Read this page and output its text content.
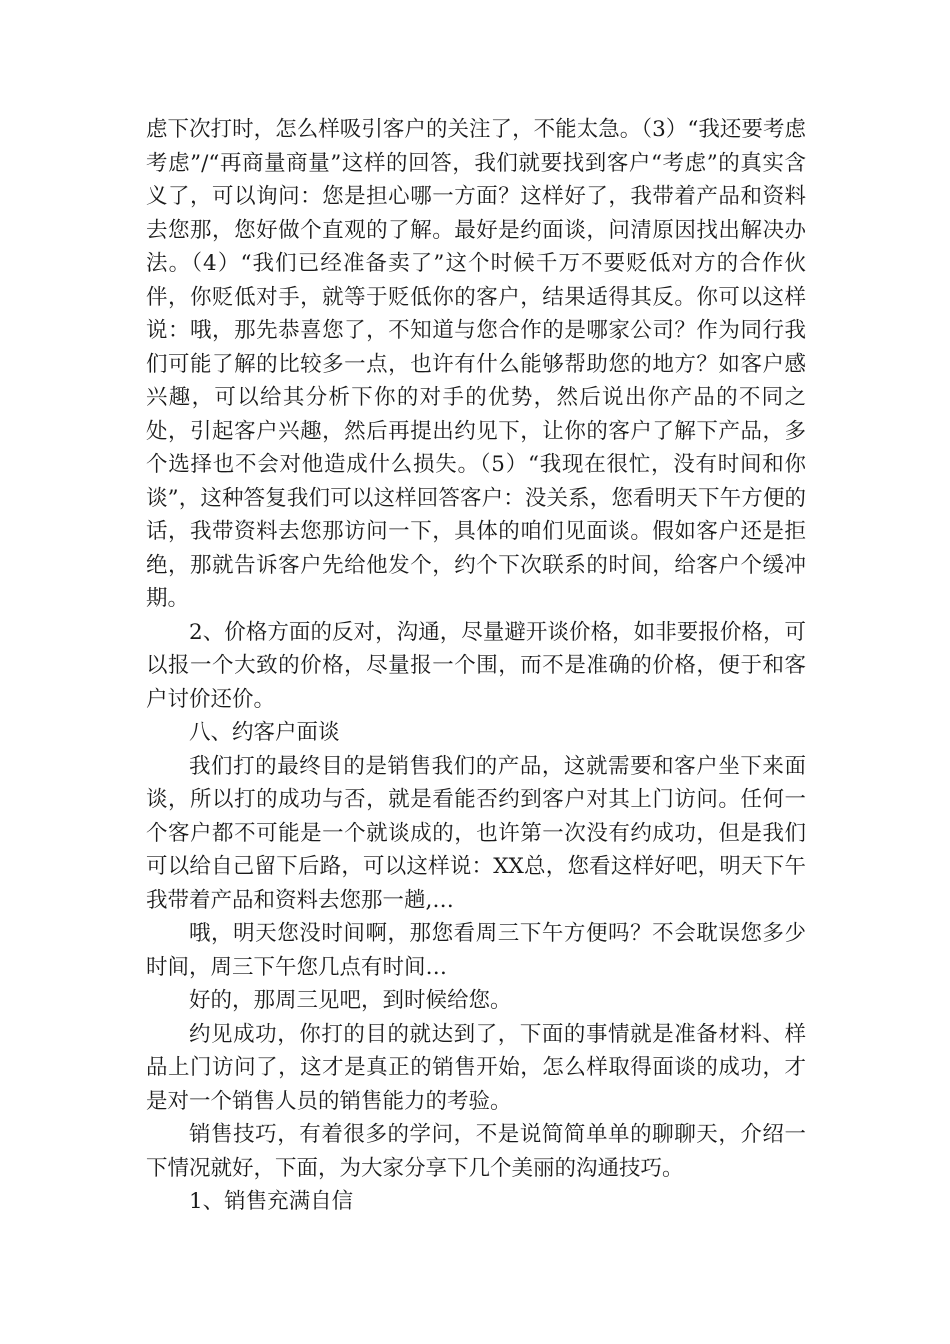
虑下次打时，怎么样吸引客户的关注了，不能太急。（3）“我还要考虑考虑”/“再商量商量”这样的回答，我们就要找到客户“考虑”的真实含义了，可以询问：您是担心哪一方面？这样好了，我带着产品和资料去您那，您好做个直观的了解。最好是约面谈，问清原因找出解决办法。（4）“我们已经准备卖了”这个时候千万不要贬低对方的合作伙伴，你贬低对手，就等于贬低你的客户，结果适得其反。你可以这样说：哦，那先恭喜您了，不知道与您合作的是哪家公司？作为同行我们可能了解的比较多一点，也许有什么能够帮助您的地方？如客户感兴趣，可以给其分析下你的对手的优势，然后说出你产品的不同之处，引起客户兴趣，然后再提出约见下，让你的客户了解下产品，多个选择也不会对他造成什么损失。（5）“我现在很忙，没有时间和你谈”，这种答复我们可以这样回答客户：没关系，您看明天下午方便的话，我带资料去您那访问一下，具体的咱们见面谈。假如客户还是拒绝，那就告诉客户先给他发个，约个下次联系的时间，给客户个缓冲期。

2、价格方面的反对，沟通，尽量避开谈价格，如非要报价格，可以报一个大致的价格，尽量报一个围，而不是准确的价格，便于和客户讨价还价。

八、约客户面谈

我们打的最终目的是销售我们的产品，这就需要和客户坐下来面谈，所以打的成功与否，就是看能否约到客户对其上门访问。任何一个客户都不可能是一个就谈成的，也许第一次没有约成功，但是我们可以给自己留下后路，可以这样说：XX总，您看这样好吧，明天下午我带着产品和资料去您那一趟,…

哦，明天您没时间啊，那您看周三下午方便吗？不会耽误您多少时间，周三下午您几点有时间…

好的，那周三见吧，到时候给您。

约见成功，你打的目的就达到了，下面的事情就是准备材料、样品上门访问了，这才是真正的销售开始，怎么样取得面谈的成功，才是对一个销售人员的销售能力的考验。

销售技巧，有着很多的学问，不是说简简单单的聊聊天，介绍一下情况就好，下面，为大家分享下几个美丽的沟通技巧。

1、销售充满自信
